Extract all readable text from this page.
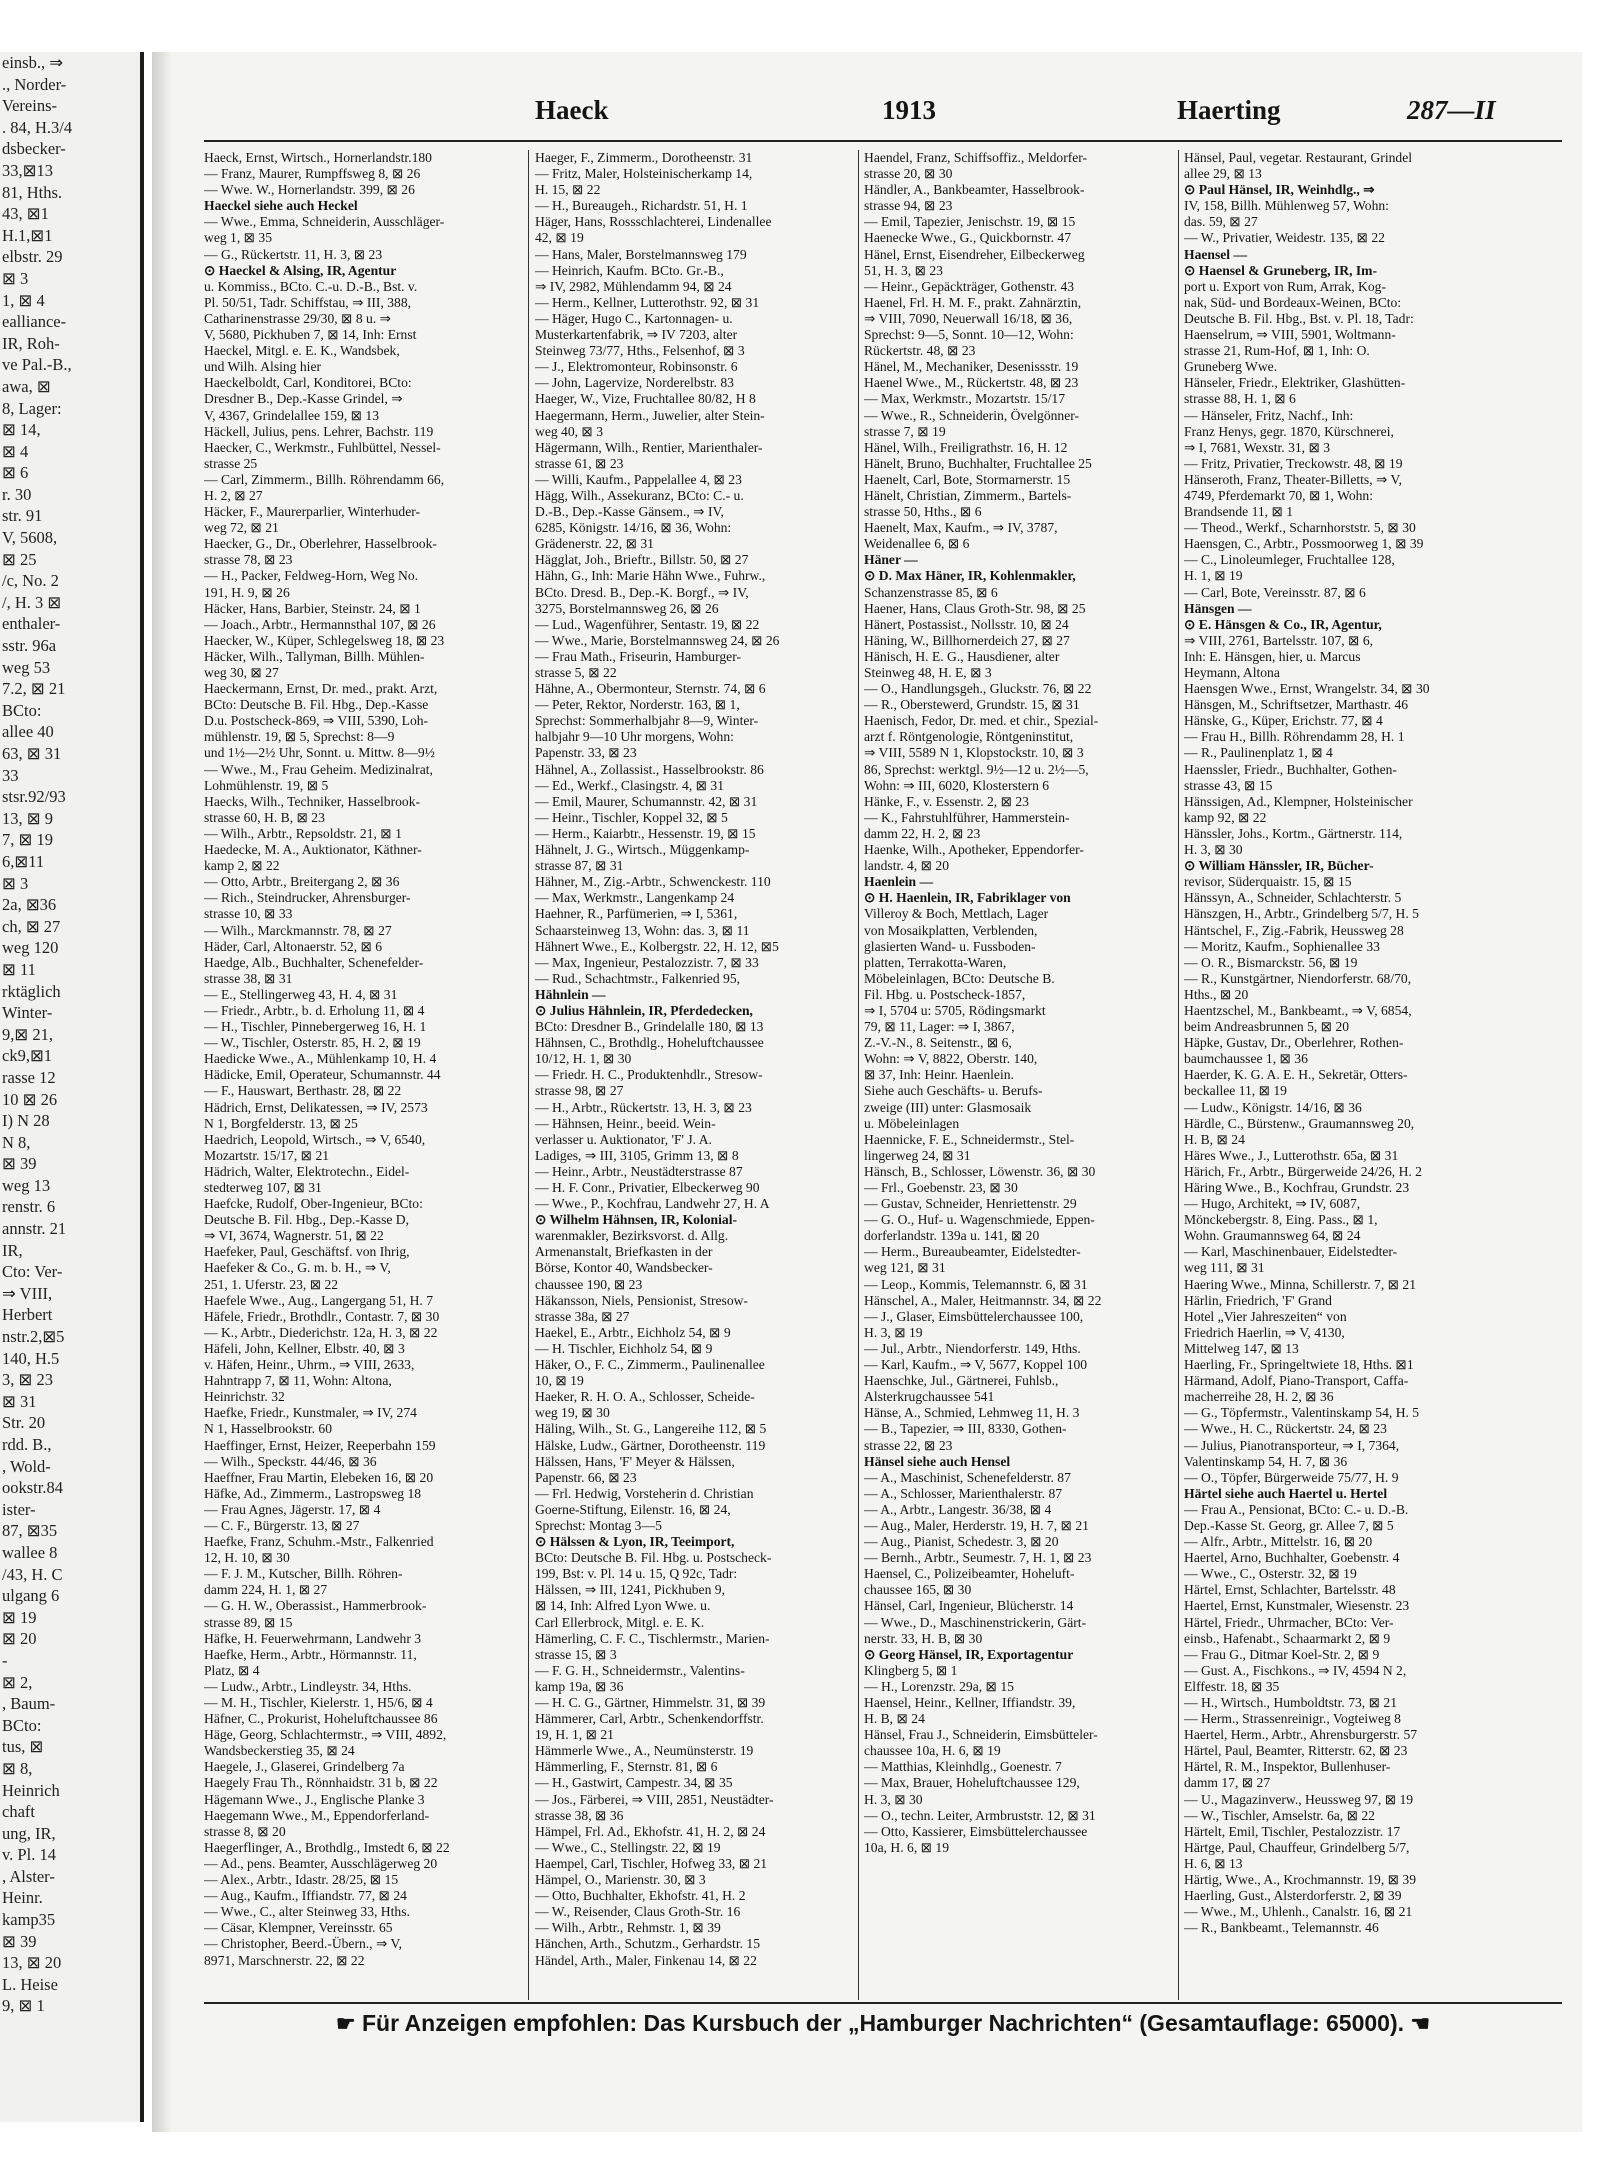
einsb., ⇒
., Norder-
Vereins-
. 84, H.3/4
dsbecker-
33,⊠13
81, Hths.
43, ⊠1
H.1,⊠1
elbstr. 29
⊠ 3
1, ⊠ 4
ealliance-
IR, Roh-
ve Pal.-B.,
awa, ⊠
8, Lager:
⊠ 14,
⊠ 4
⊠ 6
r. 30
str. 91
V, 5608,
⊠ 25
/c, No. 2
/, H. 3 ⊠
enthaler-
sstr. 96a
weg 53
7.2, ⊠ 21
BCto:
allee 40
63, ⊠ 31
33
stsr.92/93
13, ⊠ 9
7, ⊠ 19
6,⊠11
⊠ 3
2a, ⊠36
ch, ⊠ 27
weg 120
⊠ 11
rktäglich
Winter-
9,⊠ 21,
ck9,⊠1
rasse 12
10 ⊠ 26
I) N 28
N 8,
⊠ 39
weg 13
renstr. 6
annstr. 21
IR,
Cto: Ver-
⇒ VIII,
Herbert
nstr.2,⊠5
140, H.5
3, ⊠ 23
⊠ 31
Str. 20
rdd. B.,
, Wold-
ookstr.84
ister-
87, ⊠35
wallee 8
/43, H. C
ulgang 6
⊠ 19
⊠ 20
-
⊠ 2,
, Baum-
BCto:
tus, ⊠
⊠ 8,
Heinrich
chaft
ung, IR,
v. Pl. 14
, Alster-
Heinr.
kamp35
⊠ 39
13, ⊠ 20
L. Heise
9, ⊠ 1
Haeck	1913	Haerting	287—II
Haeck, Ernst, Wirtsch., Hornerlandstr.180
— Franz, Maurer, Rumpffsweg 8, ⊠ 26
— Wwe. W., Hornerlandstr. 399, ⊠ 26
Haeckel siehe auch Heckel
— Wwe., Emma, Schneiderin, Ausschläger-
weg 1, ⊠ 35
— G., Rückertstr. 11, H. 3, ⊠ 23
⊙ Haeckel & Alsing, IR, Agentur
u. Kommiss., BCto. C.-u. D.-B., Bst. v.
Pl. 50/51, Tadr. Schiffstau, ⇒ III, 388,
Catharinenstrasse 29/30, ⊠ 8 u. ⇒
V, 5680, Pickhuben 7, ⊠ 14, Inh: Ernst
Haeckel, Mitgl. e. E. K., Wandsbek,
und Wilh. Alsing hier
Haeckelboldt, Carl, Konditorei, BCto:
Dresdner B., Dep.-Kasse Grindel, ⇒
V, 4367, Grindelallee 159, ⊠ 13
Häckell, Julius, pens. Lehrer, Bachstr. 119
Haecker, C., Werkmstr., Fuhlbüttel, Nessel-
strasse 25
— Carl, Zimmerm., Billh. Röhrendamm 66,
H. 2, ⊠ 27
Häcker, F., Maurerparlier, Winterhuder-
weg 72, ⊠ 21
Haecker, G., Dr., Oberlehrer, Hasselbrook-
strasse 78, ⊠ 23
— H., Packer, Feldweg-Horn, Weg No.
191, H. 9, ⊠ 26
Häcker, Hans, Barbier, Steinstr. 24, ⊠ 1
— Joach., Arbtr., Hermannsthal 107, ⊠ 26
Haecker, W., Küper, Schlegelsweg 18, ⊠ 23
Häcker, Wilh., Tallyman, Billh. Mühlen-
weg 30, ⊠ 27
Haeckermann, Ernst, Dr. med., prakt. Arzt,
BCto: Deutsche B. Fil. Hbg., Dep.-Kasse
D.u. Postscheck-869, ⇒ VIII, 5390, Loh-
mühlenstr. 19, ⊠ 5, Sprechst: 8—9
und 1½—2½ Uhr, Sonnt. u. Mittw. 8—9½
— Wwe., M., Frau Geheim. Medizinalrat,
Lohmühlenstr. 19, ⊠ 5
Haecks, Wilh., Techniker, Hasselbrook-
strasse 60, H. B, ⊠ 23
— Wilh., Arbtr., Repsoldstr. 21, ⊠ 1
Haedecke, M. A., Auktionator, Käthner-
kamp 2, ⊠ 22
— Otto, Arbtr., Breitergang 2, ⊠ 36
— Rich., Steindrucker, Ahrensburger-
strasse 10, ⊠ 33
— Wilh., Marckmannstr. 78, ⊠ 27
Häder, Carl, Altonaerstr. 52, ⊠ 6
Haedge, Alb., Buchhalter, Schenefelder-
strasse 38, ⊠ 31
— E., Stellingerweg 43, H. 4, ⊠ 31
— Friedr., Arbtr., b. d. Erholung 11, ⊠ 4
— H., Tischler, Pinnebergerweg 16, H. 1
— W., Tischler, Osterstr. 85, H. 2, ⊠ 19
Haedicke Wwe., A., Mühlenkamp 10, H. 4
Hädicke, Emil, Operateur, Schumannstr. 44
— F., Hauswart, Berthastr. 28, ⊠ 22
Hädrich, Ernst, Delikatessen, ⇒ IV, 2573
N 1, Borgfelderstr. 13, ⊠ 25
Haedrich, Leopold, Wirtsch., ⇒ V, 6540,
Mozartstr. 15/17, ⊠ 21
Hädrich, Walter, Elektrotechn., Eidel-
stedterweg 107, ⊠ 31
Haefcke, Rudolf, Ober-Ingenieur, BCto:
Deutsche B. Fil. Hbg., Dep.-Kasse D,
⇒ VI, 3674, Wagnerstr. 51, ⊠ 22
Haefeker, Paul, Geschäftsf. von Ihrig,
Haefeker & Co., G. m. b. H., ⇒ V,
251, 1. Uferstr. 23, ⊠ 22
Haefele Wwe., Aug., Langergang 51, H. 7
Häfele, Friedr., Brothdlr., Contastr. 7, ⊠ 30
— K., Arbtr., Diederichstr. 12a, H. 3, ⊠ 22
Häfeli, John, Kellner, Elbstr. 40, ⊠ 3
v. Häfen, Heinr., Uhrm., ⇒ VIII, 2633,
Hahntrapp 7, ⊠ 11, Wohn: Altona,
Heinrichstr. 32
Haefke, Friedr., Kunstmaler, ⇒ IV, 274
N 1, Hasselbrookstr. 60
Haeffinger, Ernst, Heizer, Reeperbahn 159
— Wilh., Speckstr. 44/46, ⊠ 36
Haeffner, Frau Martin, Elebeken 16, ⊠ 20
Häfke, Ad., Zimmerm., Lastropsweg 18
— Frau Agnes, Jägerstr. 17, ⊠ 4
— C. F., Bürgerstr. 13, ⊠ 27
Haefke, Franz, Schuhm.-Mstr., Falkenried
12, H. 10, ⊠ 30
— F. J. M., Kutscher, Billh. Röhren-
damm 224, H. 1, ⊠ 27
— G. H. W., Oberassist., Hammerbrook-
strasse 89, ⊠ 15
Häfke, H. Feuerwehrmann, Landwehr 3
Haefke, Herm., Arbtr., Hörmannstr. 11,
Platz, ⊠ 4
— Ludw., Arbtr., Lindleystr. 34, Hths.
— M. H., Tischler, Kielerstr. 1, H5/6, ⊠ 4
Häfner, C., Prokurist, Hoheluftchaussee 86
Häge, Georg, Schlachtermstr., ⇒ VIII, 4892,
Wandsbeckerstieg 35, ⊠ 24
Haegele, J., Glaserei, Grindelberg 7a
Haegely Frau Th., Rönnhaidstr. 31 b, ⊠ 22
Hägemann Wwe., J., Englische Planke 3
Haegemann Wwe., M., Eppendorferland-
strasse 8, ⊠ 20
Haegerflinger, A., Brothdlg., Imstedt 6, ⊠ 22
— Ad., pens. Beamter, Ausschlägerweg 20
— Alex., Arbtr., Idastr. 28/25, ⊠ 15
— Aug., Kaufm., Iffiandstr. 77, ⊠ 24
— Wwe., C., alter Steinweg 33, Hths.
— Cäsar, Klempner, Vereinsstr. 65
— Christopher, Beerd.-Übern., ⇒ V,
8971, Marschnerstr. 22, ⊠ 22
Haeger, F., Zimmerm., Dorotheenstr. 31
— Fritz, Maler, Holsteinischerkamp 14,
H. 15, ⊠ 22
— H., Bureaugeh., Richardstr. 51, H. 1
Häger, Hans, Rossschlachterei, Lindenallee
42, ⊠ 19
— Hans, Maler, Borstelmannsweg 179
— Heinrich, Kaufm. BCto. Gr.-B.,
⇒ IV, 2982, Mühlendamm 94, ⊠ 24
— Herm., Kellner, Lutterothstr. 92, ⊠ 31
— Häger, Hugo C., Kartonnagen- u.
Musterkartenfabrik, ⇒ IV 7203, alter
Steinweg 73/77, Hths., Felsenhof, ⊠ 3
— J., Elektromonteur, Robinsonstr. 6
— John, Lagervize, Norderelbstr. 83
Haeger, W., Vize, Fruchtallee 80/82, H 8
Haegermann, Herm., Juwelier, alter Stein-
weg 40, ⊠ 3
Hägermann, Wilh., Rentier, Marienthaler-
strasse 61, ⊠ 23
— Willi, Kaufm., Pappelallee 4, ⊠ 23
Hägg, Wilh., Assekuranz, BCto: C.- u.
D.-B., Dep.-Kasse Gänsem., ⇒ IV,
6285, Königstr. 14/16, ⊠ 36, Wohn:
Grädenerstr. 22, ⊠ 31
Hägglat, Joh., Brieftr., Billstr. 50, ⊠ 27
Hähn, G., Inh: Marie Hähn Wwe., Fuhrw.,
BCto. Dresd. B., Dep.-K. Borgf., ⇒ IV,
3275, Borstelmannsweg 26, ⊠ 26
— Lud., Wagenführer, Sentastr. 19, ⊠ 22
— Wwe., Marie, Borstelmannsweg 24, ⊠ 26
— Frau Math., Friseurin, Hamburger-
strasse 5, ⊠ 22
Hähne, A., Obermonteur, Sternstr. 74, ⊠ 6
— Peter, Rektor, Norderstr. 163, ⊠ 1,
Sprechst: Sommerhalbjahr 8—9, Winter-
halbjahr 9—10 Uhr morgens, Wohn:
Papenstr. 33, ⊠ 23
Hähnel, A., Zollassist., Hasselbrookstr. 86
— Ed., Werkf., Clasingstr. 4, ⊠ 31
— Emil, Maurer, Schumannstr. 42, ⊠ 31
— Heinr., Tischler, Koppel 32, ⊠ 5
— Herm., Kaiarbtr., Hessenstr. 19, ⊠ 15
Hähnelt, J. G., Wirtsch., Müggenkamp-
strasse 87, ⊠ 31
Hähner, M., Zig.-Arbtr., Schwenckestr. 110
— Max, Werkmstr., Langenkamp 24
Haehner, R., Parfümerien, ⇒ I, 5361,
Schaarsteinweg 13, Wohn: das. 3, ⊠ 11
Hähnert Wwe., E., Kolbergstr. 22, H. 12, ⊠5
— Max, Ingenieur, Pestalozzistr. 7, ⊠ 33
— Rud., Schachtmstr., Falkenried 95,
Hähnlein —
⊙ Julius Hähnlein, IR, Pferdedecken,
BCto: Dresdner B., Grindelalle 180, ⊠ 13
Hähnsen, C., Brothdlg., Hoheluftchaussee
10/12, H. 1, ⊠ 30
— Friedr. H. C., Produktenhdlr., Stresow-
strasse 98, ⊠ 27
— H., Arbtr., Rückertstr. 13, H. 3, ⊠ 23
— Hähnsen, Heinr., beeid. Wein-
verlasser u. Auktionator, 'F' J. A.
Ladiges, ⇒ III, 3105, Grimm 13, ⊠ 8
— Heinr., Arbtr., Neustädterstrasse 87
— H. F. Conr., Privatier, Elbeckerweg 90
— Wwe., P., Kochfrau, Landwehr 27, H. A
⊙ Wilhelm Hähnsen, IR, Kolonial-
warenmakler, Bezirksvorst. d. Allg.
Armenanstalt, Briefkasten in der
Börse, Kontor 40, Wandsbecker-
chaussee 190, ⊠ 23
Häkansson, Niels, Pensionist, Stresow-
strasse 38a, ⊠ 27
Haekel, E., Arbtr., Eichholz 54, ⊠ 9
— H. Tischler, Eichholz 54, ⊠ 9
Häker, O., F. C., Zimmerm., Paulinenallee
10, ⊠ 19
Haeker, R. H. O. A., Schlosser, Scheide-
weg 19, ⊠ 30
Häling, Wilh., St. G., Langereihe 112, ⊠ 5
Hälske, Ludw., Gärtner, Dorotheenstr. 119
Hälssen, Hans, 'F' Meyer & Hälssen,
Papenstr. 66, ⊠ 23
— Frl. Hedwig, Vorsteherin d. Christian
Goerne-Stiftung, Eilenstr. 16, ⊠ 24,
Sprechst: Montag 3—5
⊙ Hälssen & Lyon, IR, Teeimport,
BCto: Deutsche B. Fil. Hbg. u. Postscheck-
199, Bst: v. Pl. 14 u. 15, Q 92c, Tadr:
Hälssen, ⇒ III, 1241, Pickhuben 9,
⊠ 14, Inh: Alfred Lyon Wwe. u.
Carl Ellerbrock, Mitgl. e. E. K.
Hämerling, C. F. C., Tischlermstr., Marien-
strasse 15, ⊠ 3
— F. G. H., Schneidermstr., Valentins-
kamp 19a, ⊠ 36
— H. C. G., Gärtner, Himmelstr. 31, ⊠ 39
Hämmerer, Carl, Arbtr., Schenkendorffstr.
19, H. 1, ⊠ 21
Hämmerle Wwe., A., Neumünsterstr. 19
Hämmerling, F., Sternstr. 81, ⊠ 6
— H., Gastwirt, Campestr. 34, ⊠ 35
— Jos., Färberei, ⇒ VIII, 2851, Neustädter-
strasse 38, ⊠ 36
Hämpel, Frl. Ad., Ekhofstr. 41, H. 2, ⊠ 24
— Wwe., C., Stellingstr. 22, ⊠ 19
Haempel, Carl, Tischler, Hofweg 33, ⊠ 21
Hämpel, O., Marienstr. 30, ⊠ 3
— Otto, Buchhalter, Ekhofstr. 41, H. 2
— W., Reisender, Claus Groth-Str. 16
— Wilh., Arbtr., Rehmstr. 1, ⊠ 39
Hänchen, Arth., Schutzm., Gerhardstr. 15
Händel, Arth., Maler, Finkenau 14, ⊠ 22
Haendel, Franz, Schiffsoffiz., Meldorfer-
strasse 20, ⊠ 30
Händler, A., Bankbeamter, Hasselbrook-
strasse 94, ⊠ 23
— Emil, Tapezier, Jenischstr. 19, ⊠ 15
Haenecke Wwe., G., Quickbornstr. 47
Hänel, Ernst, Eisendreher, Eilbeckerweg
51, H. 3, ⊠ 23
— Heinr., Gepäckträger, Gothenstr. 43
Haenel, Frl. H. M. F., prakt. Zahnärztin,
⇒ VIII, 7090, Neuerwall 16/18, ⊠ 36,
Sprechst: 9—5, Sonnt. 10—12, Wohn:
Rückertstr. 48, ⊠ 23
Hänel, M., Mechaniker, Desenissstr. 19
Haenel Wwe., M., Rückertstr. 48, ⊠ 23
— Max, Werkmstr., Mozartstr. 15/17
— Wwe., R., Schneiderin, Övelgönner-
strasse 7, ⊠ 19
Hänel, Wilh., Freiligrathstr. 16, H. 12
Hänelt, Bruno, Buchhalter, Fruchtallee 25
Haenelt, Carl, Bote, Stormarnerstr. 15
Hänelt, Christian, Zimmerm., Bartels-
strasse 50, Hths., ⊠ 6
Haenelt, Max, Kaufm., ⇒ IV, 3787,
Weidenallee 6, ⊠ 6
Häner —
⊙ D. Max Häner, IR, Kohlenmakler,
Schanzenstrasse 85, ⊠ 6
Haener, Hans, Claus Groth-Str. 98, ⊠ 25
Hänert, Postassist., Nollsstr. 10, ⊠ 24
Häning, W., Billhornerdeich 27, ⊠ 27
Hänisch, H. E. G., Hausdiener, alter
Steinweg 48, H. E, ⊠ 3
— O., Handlungsgeh., Gluckstr. 76, ⊠ 22
— R., Oberstewerd, Grundstr. 15, ⊠ 31
Haenisch, Fedor, Dr. med. et chir., Spezial-
arzt f. Röntgenologie, Röntgeninstitut,
⇒ VIII, 5589 N 1, Klopstockstr. 10, ⊠ 3
86, Sprechst: werktgl. 9½—12 u. 2½—5,
Wohn: ⇒ III, 6020, Klosterstern 6
Hänke, F., v. Essenstr. 2, ⊠ 23
— K., Fahrstuhlführer, Hammerstein-
damm 22, H. 2, ⊠ 23
Haenke, Wilh., Apotheker, Eppendorfer-
landstr. 4, ⊠ 20
Haenlein —
⊙ H. Haenlein, IR, Fabriklager von
Villeroy & Boch, Mettlach, Lager
von Mosaikplatten, Verblenden,
glasierten Wand- u. Fussboden-
platten, Terrakotta-Waren,
Möbeleinlagen, BCto: Deutsche B.
Fil. Hbg. u. Postscheck-1857,
⇒ I, 5704 u: 5705, Rödingsmarkt
79, ⊠ 11, Lager: ⇒ I, 3867,
Z.-V.-N., 8. Seitenstr., ⊠ 6,
Wohn: ⇒ V, 8822, Oberstr. 140,
⊠ 37, Inh: Heinr. Haenlein.
Siehe auch Geschäfts- u. Berufs-
zweige (III) unter: Glasmosaik
u. Möbeleinlagen
Haennicke, F. E., Schneidermstr., Stel-
lingerweg 24, ⊠ 31
Hänsch, B., Schlosser, Löwenstr. 36, ⊠ 30
— Frl., Goebenstr. 23, ⊠ 30
— Gustav, Schneider, Henriettenstr. 29
— G. O., Huf- u. Wagenschmiede, Eppen-
dorferlandstr. 139a u. 141, ⊠ 20
— Herm., Bureaubeamter, Eidelstedter-
weg 121, ⊠ 31
— Leop., Kommis, Telemannstr. 6, ⊠ 31
Hänschel, A., Maler, Heitmannstr. 34, ⊠ 22
— J., Glaser, Eimsbüttelerchaussee 100,
H. 3, ⊠ 19
— Jul., Arbtr., Niendorferstr. 149, Hths.
— Karl, Kaufm., ⇒ V, 5677, Koppel 100
Haenschke, Jul., Gärtnerei, Fuhlsb.,
Alsterkrugchaussee 541
Hänse, A., Schmied, Lehmweg 11, H. 3
— B., Tapezier, ⇒ III, 8330, Gothen-
strasse 22, ⊠ 23
Hänsel siehe auch Hensel
— A., Maschinist, Schenefelderstr. 87
— A., Schlosser, Marienthalerstr. 87
— A., Arbtr., Langestr. 36/38, ⊠ 4
— Aug., Maler, Herderstr. 19, H. 7, ⊠ 21
— Aug., Pianist, Schedestr. 3, ⊠ 20
— Bernh., Arbtr., Seumestr. 7, H. 1, ⊠ 23
Haensel, C., Polizeibeamter, Hoheluft-
chaussee 165, ⊠ 30
Hänsel, Carl, Ingenieur, Blücherstr. 14
— Wwe., D., Maschinenstrickerin, Gärt-
nerstr. 33, H. B, ⊠ 30
⊙ Georg Hänsel, IR, Exportagentur
Klingberg 5, ⊠ 1
— H., Lorenzstr. 29a, ⊠ 15
Haensel, Heinr., Kellner, Iffiandstr. 39,
H. B, ⊠ 24
Hänsel, Frau J., Schneiderin, Eimsbütteler-
chaussee 10a, H. 6, ⊠ 19
— Matthias, Kleinhdlg., Goenestr. 7
— Max, Brauer, Hoheluftchaussee 129,
H. 3, ⊠ 30
— O., techn. Leiter, Armbruststr. 12, ⊠ 31
— Otto, Kassierer, Eimsbüttelerchaussee
10a, H. 6, ⊠ 19
Hänsel, Paul, vegetar. Restaurant, Grindel
allee 29, ⊠ 13
⊙ Paul Hänsel, IR, Weinhdlg., ⇒
IV, 158, Billh. Mühlenweg 57, Wohn:
das. 59, ⊠ 27
— W., Privatier, Weidestr. 135, ⊠ 22
Haensel —
⊙ Haensel & Gruneberg, IR, Im-
port u. Export von Rum, Arrak, Kog-
nak, Süd- und Bordeaux-Weinen, BCto:
Deutsche B. Fil. Hbg., Bst. v. Pl. 18, Tadr:
Haenselrum, ⇒ VIII, 5901, Woltmann-
strasse 21, Rum-Hof, ⊠ 1, Inh: O.
Gruneberg Wwe.
Hänseler, Friedr., Elektriker, Glashütten-
strasse 88, H. 1, ⊠ 6
— Hänseler, Fritz, Nachf., Inh:
Franz Henys, gegr. 1870, Kürschnerei,
⇒ I, 7681, Wexstr. 31, ⊠ 3
— Fritz, Privatier, Treckowstr. 48, ⊠ 19
Hänseroth, Franz, Theater-Billetts, ⇒ V,
4749, Pferdemarkt 70, ⊠ 1, Wohn:
Brandsende 11, ⊠ 1
— Theod., Werkf., Scharnhorststr. 5, ⊠ 30
Haensgen, C., Arbtr., Possmoorweg 1, ⊠ 39
— C., Linoleumleger, Fruchtallee 128,
H. 1, ⊠ 19
— Carl, Bote, Vereinsstr. 87, ⊠ 6
Hänsgen —
⊙ E. Hänsgen & Co., IR, Agentur,
⇒ VIII, 2761, Bartelsstr. 107, ⊠ 6,
Inh: E. Hänsgen, hier, u. Marcus
Heymann, Altona
Haensgen Wwe., Ernst, Wrangelstr. 34, ⊠ 30
Hänsgen, M., Schriftsetzer, Marthastr. 46
Hänske, G., Küper, Erichstr. 77, ⊠ 4
— Frau H., Billh. Röhrendamm 28, H. 1
— R., Paulinenplatz 1, ⊠ 4
Haenssler, Friedr., Buchhalter, Gothen-
strasse 43, ⊠ 15
Hänssigen, Ad., Klempner, Holsteinischer
kamp 92, ⊠ 22
Hänssler, Johs., Kortm., Gärtnerstr. 114,
H. 3, ⊠ 30
⊙ William Hänssler, IR, Bücher-
revisor, Süderquaistr. 15, ⊠ 15
Hänssyn, A., Schneider, Schlachterstr. 5
Hänszgen, H., Arbtr., Grindelberg 5/7, H. 5
Häntschel, F., Zig.-Fabrik, Heussweg 28
— Moritz, Kaufm., Sophienallee 33
— O. R., Bismarckstr. 56, ⊠ 19
— R., Kunstgärtner, Niendorferstr. 68/70,
Hths., ⊠ 20
Haentzschel, M., Bankbeamt., ⇒ V, 6854,
beim Andreasbrunnen 5, ⊠ 20
Häpke, Gustav, Dr., Oberlehrer, Rothen-
baumchaussee 1, ⊠ 36
Haerder, K. G. A. E. H., Sekretär, Otters-
beckallee 11, ⊠ 19
— Ludw., Königstr. 14/16, ⊠ 36
Härdle, C., Bürstenw., Graumannsweg 20,
H. B, ⊠ 24
Häres Wwe., J., Lutterothstr. 65a, ⊠ 31
Härich, Fr., Arbtr., Bürgerweide 24/26, H. 2
Häring Wwe., B., Kochfrau, Grundstr. 23
— Hugo, Architekt, ⇒ IV, 6087,
Mönckebergstr. 8, Eing. Pass., ⊠ 1,
Wohn. Graumannsweg 64, ⊠ 24
— Karl, Maschinenbauer, Eidelstedter-
weg 111, ⊠ 31
Haering Wwe., Minna, Schillerstr. 7, ⊠ 21
Härlin, Friedrich, 'F' Grand
Hotel „Vier Jahreszeiten“ von
Friedrich Haerlin, ⇒ V, 4130,
Mittelweg 147, ⊠ 13
Haerling, Fr., Springeltwiete 18, Hths. ⊠1
Härmand, Adolf, Piano-Transport, Caffa-
macherreihe 28, H. 2, ⊠ 36
— G., Töpfermstr., Valentinskamp 54, H. 5
— Wwe., H. C., Rückertstr. 24, ⊠ 23
— Julius, Pianotransporteur, ⇒ I, 7364,
Valentinskamp 54, H. 7, ⊠ 36
— O., Töpfer, Bürgerweide 75/77, H. 9
Härtel siehe auch Haertel u. Hertel
— Frau A., Pensionat, BCto: C.- u. D.-B.
Dep.-Kasse St. Georg, gr. Allee 7, ⊠ 5
— Alfr., Arbtr., Mittelstr. 16, ⊠ 20
Haertel, Arno, Buchhalter, Goebenstr. 4
— Wwe., C., Osterstr. 32, ⊠ 19
Härtel, Ernst, Schlachter, Bartelsstr. 48
Haertel, Ernst, Kunstmaler, Wiesenstr. 23
Härtel, Friedr., Uhrmacher, BCto: Ver-
einsb., Hafenabt., Schaarmarkt 2, ⊠ 9
— Frau G., Ditmar Koel-Str. 2, ⊠ 9
— Gust. A., Fischkons., ⇒ IV, 4594 N 2,
Elffestr. 18, ⊠ 35
— H., Wirtsch., Humboldtstr. 73, ⊠ 21
— Herm., Strassenreinigr., Vogteiweg 8
Haertel, Herm., Arbtr., Ahrensburgerstr. 57
Härtel, Paul, Beamter, Ritterstr. 62, ⊠ 23
Härtel, R. M., Inspektor, Bullenhuser-
damm 17, ⊠ 27
— U., Magazinverw., Heussweg 97, ⊠ 19
— W., Tischler, Amselstr. 6a, ⊠ 22
Härtelt, Emil, Tischler, Pestalozzistr. 17
Härtge, Paul, Chauffeur, Grindelberg 5/7,
H. 6, ⊠ 13
Härtig, Wwe., A., Krochmannstr. 19, ⊠ 39
Haerling, Gust., Alsterdorferstr. 2, ⊠ 39
— Wwe., M., Uhlenh., Canalstr. 16, ⊠ 21
— R., Bankbeamt., Telemannstr. 46
☛ Für Anzeigen empfohlen: Das Kursbuch der „Hamburger Nachrichten“ (Gesamtauflage: 65000). ☚
